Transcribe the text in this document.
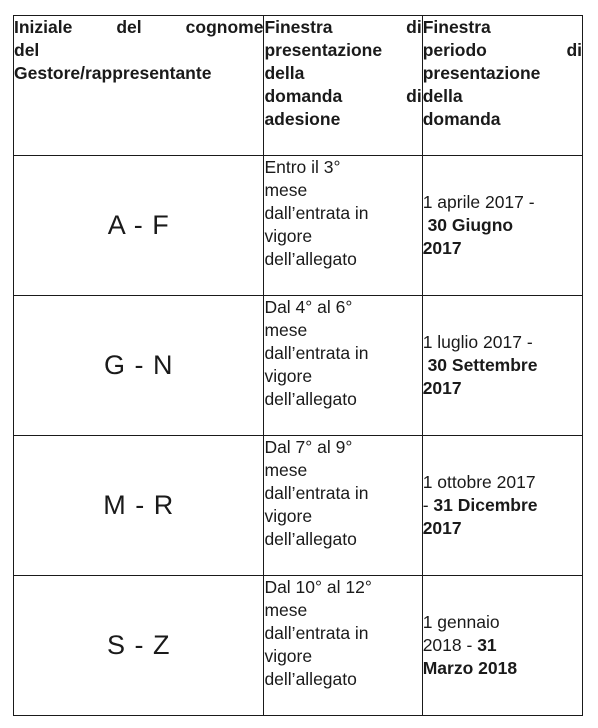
Iniziale del cognome
del
Gestore/rappresentante	Finestra di
presentazione
della
domanda di
adesione	Finestra
periodo di
presentazione
della
domanda

A - F	Entro il 3°
mese
dall’entrata in
vigore
dell’allegato	1 aprile 2017 -
30 Giugno
2017

G - N	Dal 4° al 6°
mese
dall’entrata in
vigore
dell’allegato	1 luglio 2017 -
30 Settembre
2017

M - R	Dal 7° al 9°
mese
dall’entrata in
vigore
dell’allegato	1 ottobre 2017
- 31 Dicembre
2017

S - Z	Dal 10° al 12°
mese
dall’entrata in
vigore
dell’allegato	1 gennaio
2018 - 31
Marzo 2018
